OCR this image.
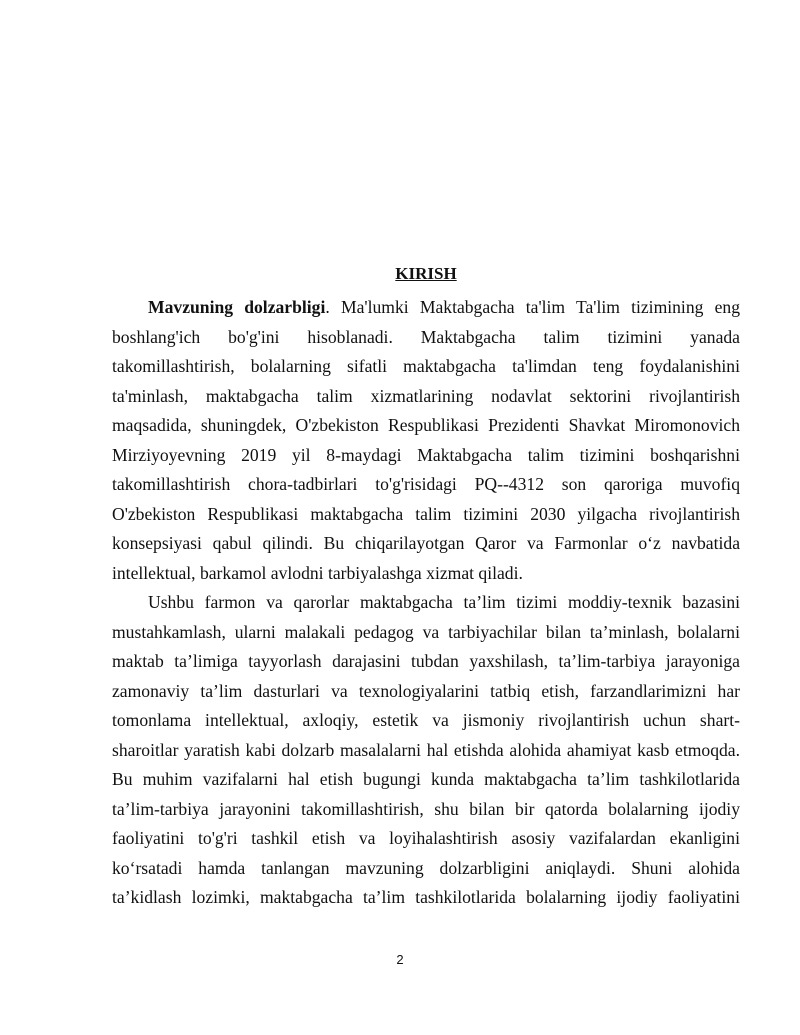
KIRISH
Mavzuning dolzarbligi. Ma'lumki Maktabgacha ta'lim Ta'lim tizimining eng
boshlang'ich bo'g'ini hisoblanadi. Maktabgacha talim tizimini yanada
takomillashtirish, bolalarning sifatli maktabgacha ta'limdan teng foydalanishini
ta'minlash, maktabgacha talim xizmatlarining nodavlat sektorini rivojlantirish
maqsadida, shuningdek, O'zbekiston Respublikasi Prezidenti Shavkat Miromonovich
Mirziyoyevning 2019 yil 8-maydagi Maktabgacha talim tizimini boshqarishni
takomillashtirish chora-tadbirlari to'g'risidagi PQ--4312 son qaroriga muvofiq
O'zbekiston Respublikasi maktabgacha talim tizimini 2030 yilgacha rivojlantirish
konsepsiyasi qabul qilindi. Bu chiqarilayotgan Qaror va Farmonlar o‘z navbatida
intellektual, barkamol avlodni tarbiyalashga xizmat qiladi.
Ushbu farmon va qarorlar maktabgacha ta’lim tizimi moddiy-texnik bazasini
mustahkamlash, ularni malakali pedagog va tarbiyachilar bilan ta’minlash, bolalarni
maktab ta’limiga tayyorlash darajasini tubdan yaxshilash, ta’lim-tarbiya jarayoniga
zamonaviy ta’lim dasturlari va texnologiyalarini tatbiq etish, farzandlarimizni har
tomonlama intellektual, axloqiy, estetik va jismoniy rivojlantirish uchun shart-
sharoitlar yaratish kabi dolzarb masalalarni hal etishda alohida ahamiyat kasb etmoqda.
Bu muhim vazifalarni hal etish bugungi kunda maktabgacha ta’lim tashkilotlarida
ta’lim-tarbiya jarayonini takomillashtirish, shu bilan bir qatorda bolalarning ijodiy
faoliyatini to'g'ri tashkil etish va loyihalashtirish asosiy vazifalardan ekanligini
ko‘rsatadi hamda tanlangan mavzuning dolzarbligini aniqlaydi. Shuni alohida
ta’kidlash lozimki, maktabgacha ta’lim tashkilotlarida bolalarning ijodiy faoliyatini
2
